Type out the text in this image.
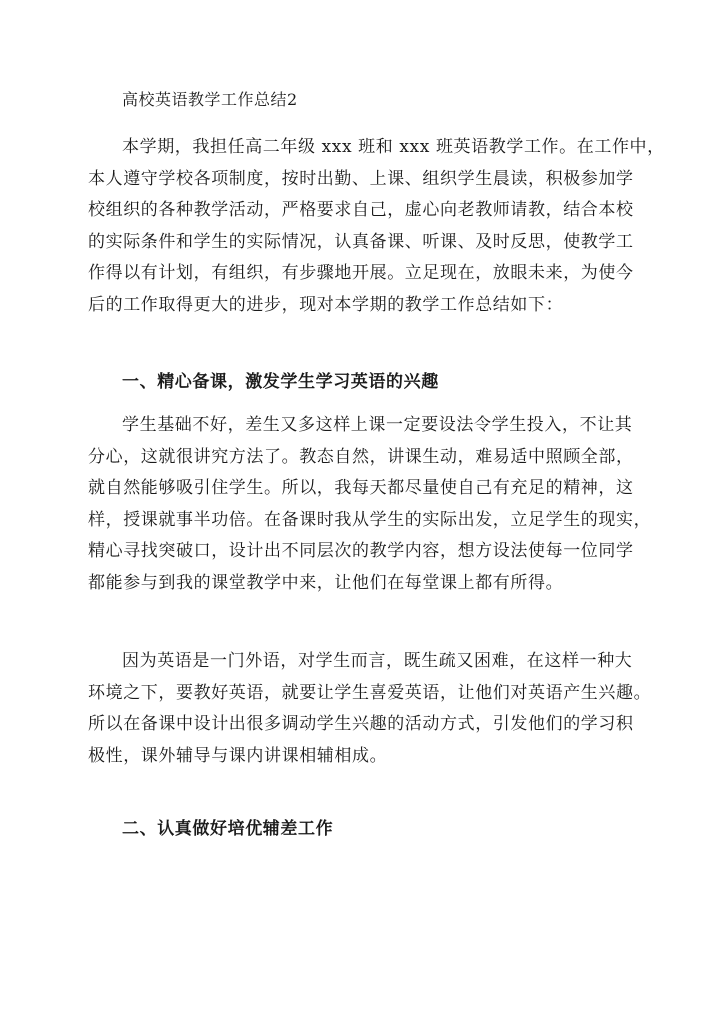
高校英语教学工作总结2
本学期，我担任高二年级 xxx 班和 xxx 班英语教学工作。在工作中，
本人遵守学校各项制度，按时出勤、上课、组织学生晨读，积极参加学
校组织的各种教学活动，严格要求自己，虚心向老教师请教，结合本校
的实际条件和学生的实际情况，认真备课、听课、及时反思，使教学工
作得以有计划，有组织，有步骤地开展。立足现在，放眼未来，为使今
后的工作取得更大的进步，现对本学期的教学工作总结如下：
一、精心备课，激发学生学习英语的兴趣
学生基础不好，差生又多这样上课一定要设法令学生投入，不让其
分心，这就很讲究方法了。教态自然，讲课生动，难易适中照顾全部，
就自然能够吸引住学生。所以，我每天都尽量使自己有充足的精神，这
样，授课就事半功倍。在备课时我从学生的实际出发，立足学生的现实，
精心寻找突破口，设计出不同层次的教学内容，想方设法使每一位同学
都能参与到我的课堂教学中来，让他们在每堂课上都有所得。
因为英语是一门外语，对学生而言，既生疏又困难，在这样一种大
环境之下，要教好英语，就要让学生喜爱英语，让他们对英语产生兴趣。
所以在备课中设计出很多调动学生兴趣的活动方式，引发他们的学习积
极性，课外辅导与课内讲课相辅相成。
二、认真做好培优辅差工作
